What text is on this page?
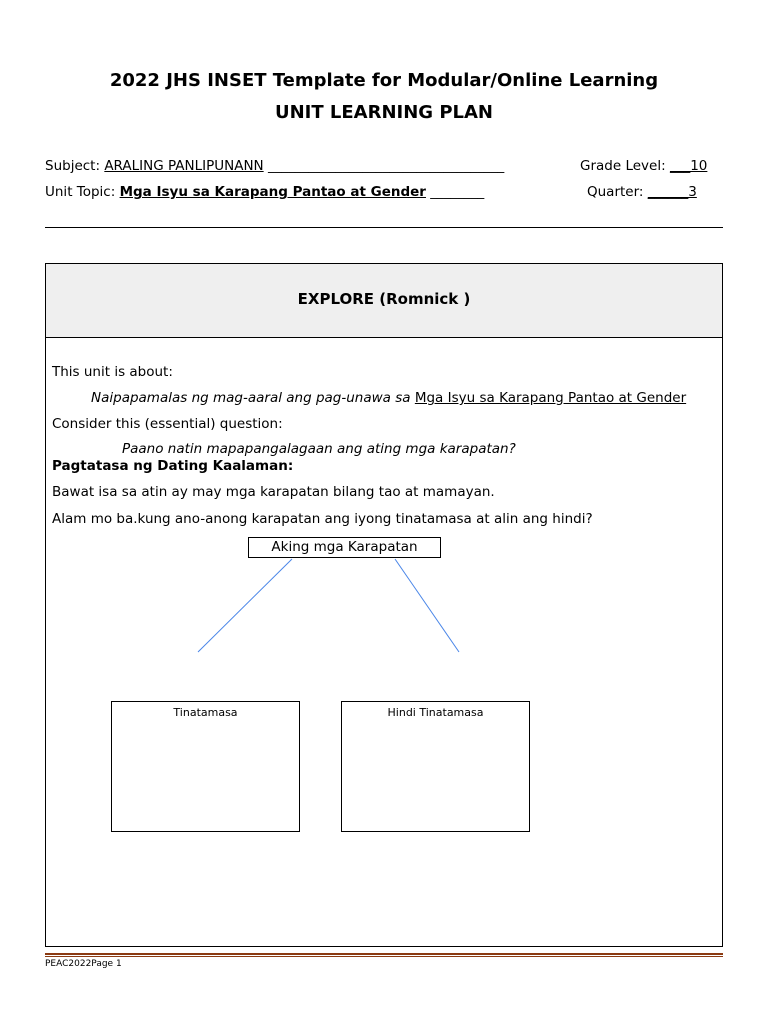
2022 JHS INSET Template for Modular/Online Learning
UNIT LEARNING PLAN
Subject: ARALING PANLIPUNANN ___________________________________	Grade Level: ___10
Unit Topic: Mga Isyu sa Karapang Pantao at Gender ________	Quarter: ______3
EXPLORE (Romnick )
This unit is about:
Naipapamalas ng mag-aaral ang pag-unawa sa Mga Isyu sa Karapang Pantao at Gender
Consider this (essential) question:
Paano natin mapapangalagaan ang ating mga karapatan?
Pagtatasa ng Dating Kaalaman:
Bawat isa sa atin ay may mga karapatan bilang tao at mamayan.
Alam mo ba.kung ano-anong karapatan ang iyong tinatamasa at alin ang hindi?
Aking mga Karapatan
Tinatamasa	Hindi Tinatamasa
PEAC2022Page 1
